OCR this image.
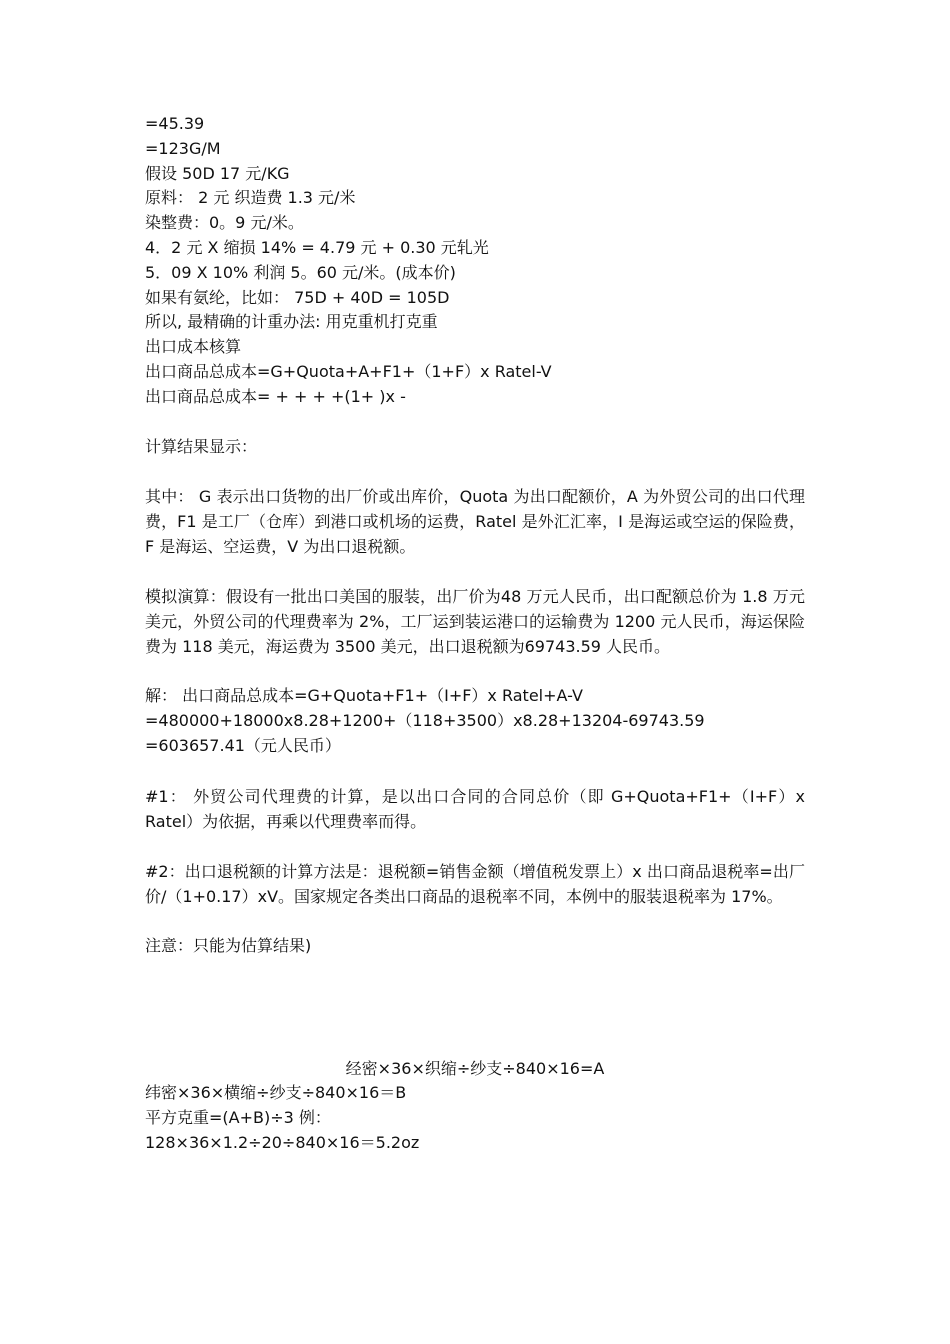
=45.39
=123G/M
假设 50D 17 元/KG
原料： 2 元 织造费 1.3 元/米
染整费：0。9 元/米。
4．2 元 X 缩损 14% = 4.79 元 + 0.30 元轧光
5．09 X 10% 利润 5。60 元/米。(成本价)
如果有氨纶，比如： 75D + 40D = 105D
所以, 最精确的计重办法: 用克重机打克重
出口成本核算
出口商品总成本=G+Quota+A+F1+（1+F）x Ratel-V
出口商品总成本= + + + +(1+ )x -
计算结果显示：
其中： G 表示出口货物的出厂价或出库价，Quota 为出口配额价，A 为外贸公司的出口代理费，F1 是工厂（仓库）到港口或机场的运费，Ratel 是外汇汇率，I 是海运或空运的保险费，F 是海运、空运费，V 为出口退税额。
模拟演算：假设有一批出口美国的服装，出厂价为48 万元人民币，出口配额总价为 1.8 万元美元，外贸公司的代理费率为 2%，工厂运到装运港口的运输费为 1200 元人民币，海运保险费为 118 美元，海运费为 3500 美元，出口退税额为69743.59 人民币。
解： 出口商品总成本=G+Quota+F1+（I+F）x Ratel+A-V
=480000+18000x8.28+1200+（118+3500）x8.28+13204-69743.59
=603657.41（元人民币）
#1： 外贸公司代理费的计算，是以出口合同的合同总价（即 G+Quota+F1+（I+F）x Ratel）为依据，再乘以代理费率而得。
#2：出口退税额的计算方法是：退税额=销售金额（增值税发票上）x 出口商品退税率=出厂价/（1+0.17）xV。国家规定各类出口商品的退税率不同，本例中的服装退税率为 17%。
注意：只能为估算结果)
经密×36×织缩÷纱支÷840×16=A
纬密×36×横缩÷纱支÷840×16＝B
平方克重=(A+B)÷3 例：
128×36×1.2÷20÷840×16＝5.2oz
